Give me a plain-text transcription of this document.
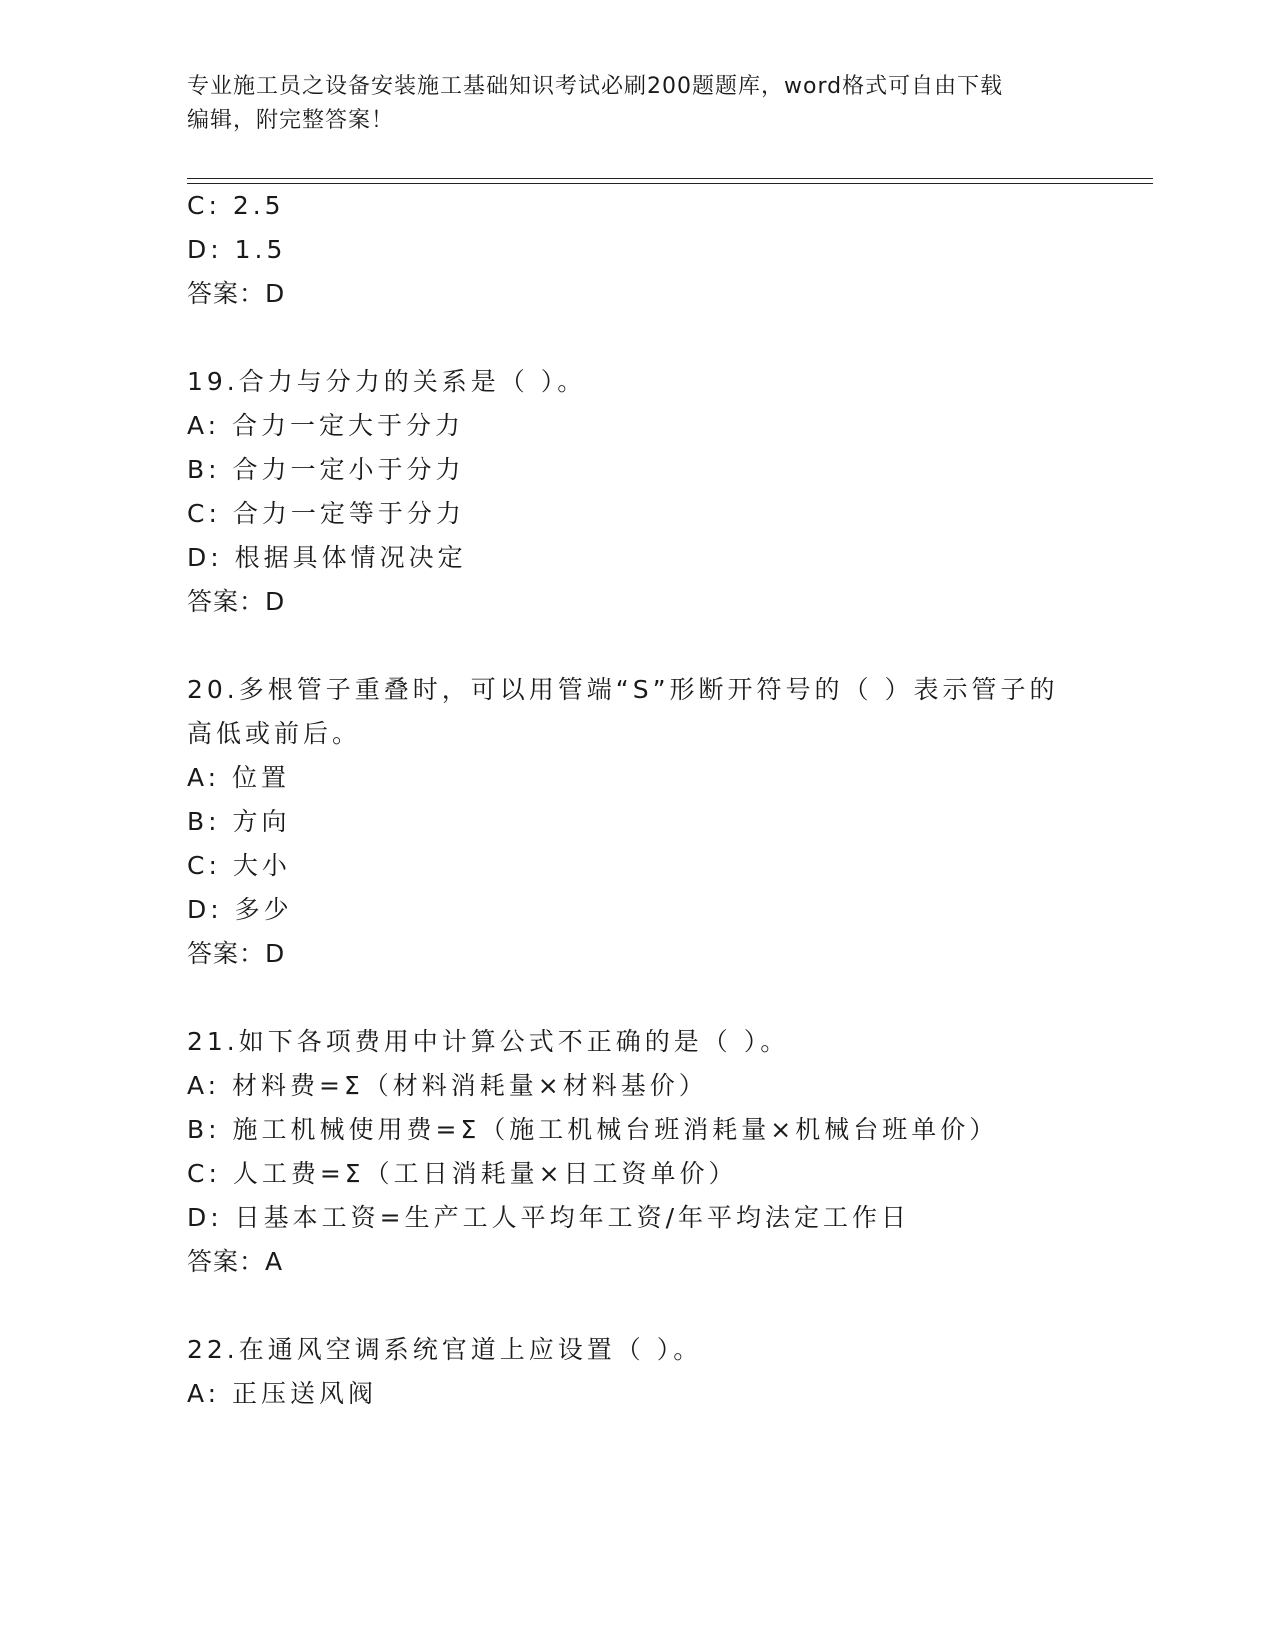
专业施工员之设备安装施工基础知识考试必刷200题题库，word格式可自由下载
编辑，附完整答案！
C: 2.5
D: 1.5
答案：D
19.合力与分力的关系是（ ）。
A: 合力一定大于分力
B: 合力一定小于分力
C: 合力一定等于分力
D: 根据具体情况决定
答案：D
20.多根管子重叠时，可以用管端“S”形断开符号的（ ）表示管子的
高低或前后。
A: 位置
B: 方向
C: 大小
D: 多少
答案：D
21.如下各项费用中计算公式不正确的是（ ）。
A: 材料费=Σ（材料消耗量×材料基价）
B: 施工机械使用费=Σ（施工机械台班消耗量×机械台班单价）
C: 人工费=Σ（工日消耗量×日工资单价）
D: 日基本工资=生产工人平均年工资/年平均法定工作日
答案：A
22.在通风空调系统官道上应设置（ ）。
A: 正压送风阀
